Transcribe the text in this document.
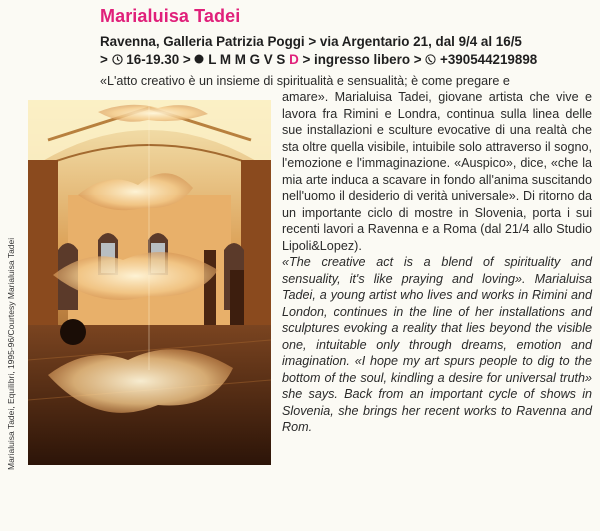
Marialuisa Tadei
Ravenna, Galleria Patrizia Poggi > via Argentario 21, dal 9/4 al 16/5
> 16-19.30 > L M M G V S D > ingresso libero > +390544219898
«L'atto creativo è un insieme di spiritualità e sensualità; è come pregare e
Marialuisa Tadei, Equilibri, 1995-96/Courtesy Marialuisa Tadei

amare». Marialuisa Tadei, giovane artista che vive e lavora fra Rimini e Londra, continua sulla linea delle sue installazioni e sculture evocative di una realtà che sta oltre quella visibile, intuibile solo attraverso il sogno, l'emozione e l'immaginazione. «Auspico», dice, «che la mia arte induca a scavare in fondo all'anima suscitando nell'uomo il desiderio di verità universale». Di ritorno da un importante ciclo di mostre in Slovenia, porta i sui recenti lavori a Ravenna e a Roma (dal 21/4 allo Studio Lipoli&Lopez).

«The creative act is a blend of spirituality and sensuality, it's like praying and loving». Marialuisa Tadei, a young artist who lives and works in Rimini and London, continues in the line of her installations and sculptures evoking a reality that lies beyond the visible one, intuitable only through dreams, emotion and imagination. «I hope my art spurs people to dig to the bottom of the soul, kindling a desire for universal truth» she says. Back from an important cycle of shows in Slovenia, she brings her recent works to Ravenna and Rom.
